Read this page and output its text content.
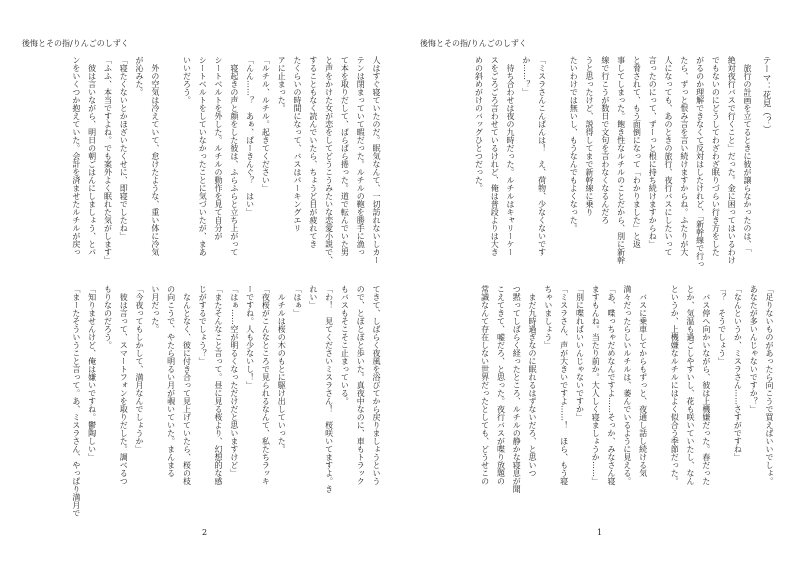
後悔とその指/りんごのしずく
人はすぐ寝ていたのだ。眠気なんて、一切訪れないしカー
テンは閉まっていて暇だった。ルチルの鞄を勝手に漁っ
て本を取りだして、ぱらぱら捲った。道で転んでいた男
と声をかけた女が恋をしてどうこうみたいな恋愛小説で、
することもなく読んでいたら、ちょうど目が疲れてき
たくらいの時間になって、バスはパーキングエリ
アに止まった。
「ルチル、ルチル。起きてください」
「んん……？　あぁ、ぱーきんぐ？　はい」
　寝起きの声と顔をした彼は、ふらふらと立ち上がって
シートベルトを外した。ルチルの動作を見て自分が
シートベルトをしていなかったことに気づいたが、まあ
いいだろう。
　外の空気は冷えていて、怠けたような、重い体に冷気
が沁みた。
「寝たくないとかほざいたくせに、即寝でしたね」
「ふふ、本当ですよね。でも案外よく眠れた気がします」
　彼は言いながら、明日の朝ごはんにしましょう、とパ
ンをいくつか抱えていた。会計を済ませたルチルが戻っ
てきて、しばらく夜風を浴びてから戻りましょうという
ので、とぼとぼと歩いた。真夜中なのに、車もトラック
もバスもそこそこ止まっている。
「わ！　見てくださいミスラさん！　桜咲いてますよ。き
れい」
「はぁ」
　ルチルは桜の木のもとに駆け出していった。
「夜桜がこんなところで見られるなんて、私たちラッキ
ーですね。人も少ないし！」
「はぁ……空が明るくなっただけだと思いますけど」
「またそんなこと言って。昼に見る桜より、幻想的な感
じがするでしょう？」
　なんとなく、彼に付き合って見上げていたら、桜の枝
の向こうで、やたら明るい月が覗いていた。まんまる
い月だった。
「今夜ってもしかして、満月なんでしょうか」
　彼は言って、スマートフォンを取りだした。調べるつ
もりなのだろう。
「知りませんけど、俺は嫌いですね。鬱陶しい」
「まーたそういうこと言って。あ、ミスラさん、やっぱり満月で
2
後悔とその指/りんごのしずく
テーマ：花見（？）
　旅行の計画を立てるときに彼が譲らなかったのは、「
絶対夜行バスで行くこと」だった。金に困ってはいるわけ
でもないのにどうしてわざわざ眠りづらい行き方をした
がるのか理解できなくて反対はしたけれど、「新幹線で行っ
たら、ずっと恨み言を言い続けますからね。ふたりが大
人になっても、あのときの旅行、夜行バスにしたいって
言ったのにって、ずーっと根に持ち続けますからね」
と脅されて、もう面倒になって「わかりました」と返
事してしまった。飽き性なルチルのことだから、別に新幹
線で行こうが数日で文句を言わなくなるんだろ
うと思ったけど、説得してまで新幹線に乗り
たいわけでは無いし、もうなんでもよくなった。
「ミスラさんこんばんは！　え、荷物、少なくないです
か……？」
　待ち合わせは夜の九時だった。ルチルはキャリーケー
スをごろごろ言わせているけれど、俺は普段よりは大き
めの斜めがけのバッグひとつだった。
「足りないものがあったら向こうで買えばいいでしょ。
あなたが多いんじゃないですか？」
「なんというか、ミスラさん……さすがですね」
「？　そうでしょう」
　バス停へ向かいながら、彼は上機嫌だった。春だった
とか、気温も過ごしやすいし、花も咲いていたし、なん
というか、上機嫌なルチルにはよく似合う季節だった。
　バスに乗車してからもずっと、夜通し話し続ける気
満々だったらしいルチルは、萎んでいるように見える。
「あ、喋っちゃだめなんですよ……そっか、みなさん寝
ますもんね。当たり前か。大人しく寝ましょうか……」
「別に喋ればいいんじゃないですか」
「ミスラさん、声が大きいですよ……！　ほら、もう寝
ちゃいましょう」
　まだ九時過ぎなのに眠れるはずないだろ、と思いつ
つ黙ってしばらく経ったところ、ルチルの静かな寝息が聞
こえてきて、嘘だろ、と思った。夜行バスが喋り放題の
常識なんて存在しない世界だったとしても、どうせこの
1
